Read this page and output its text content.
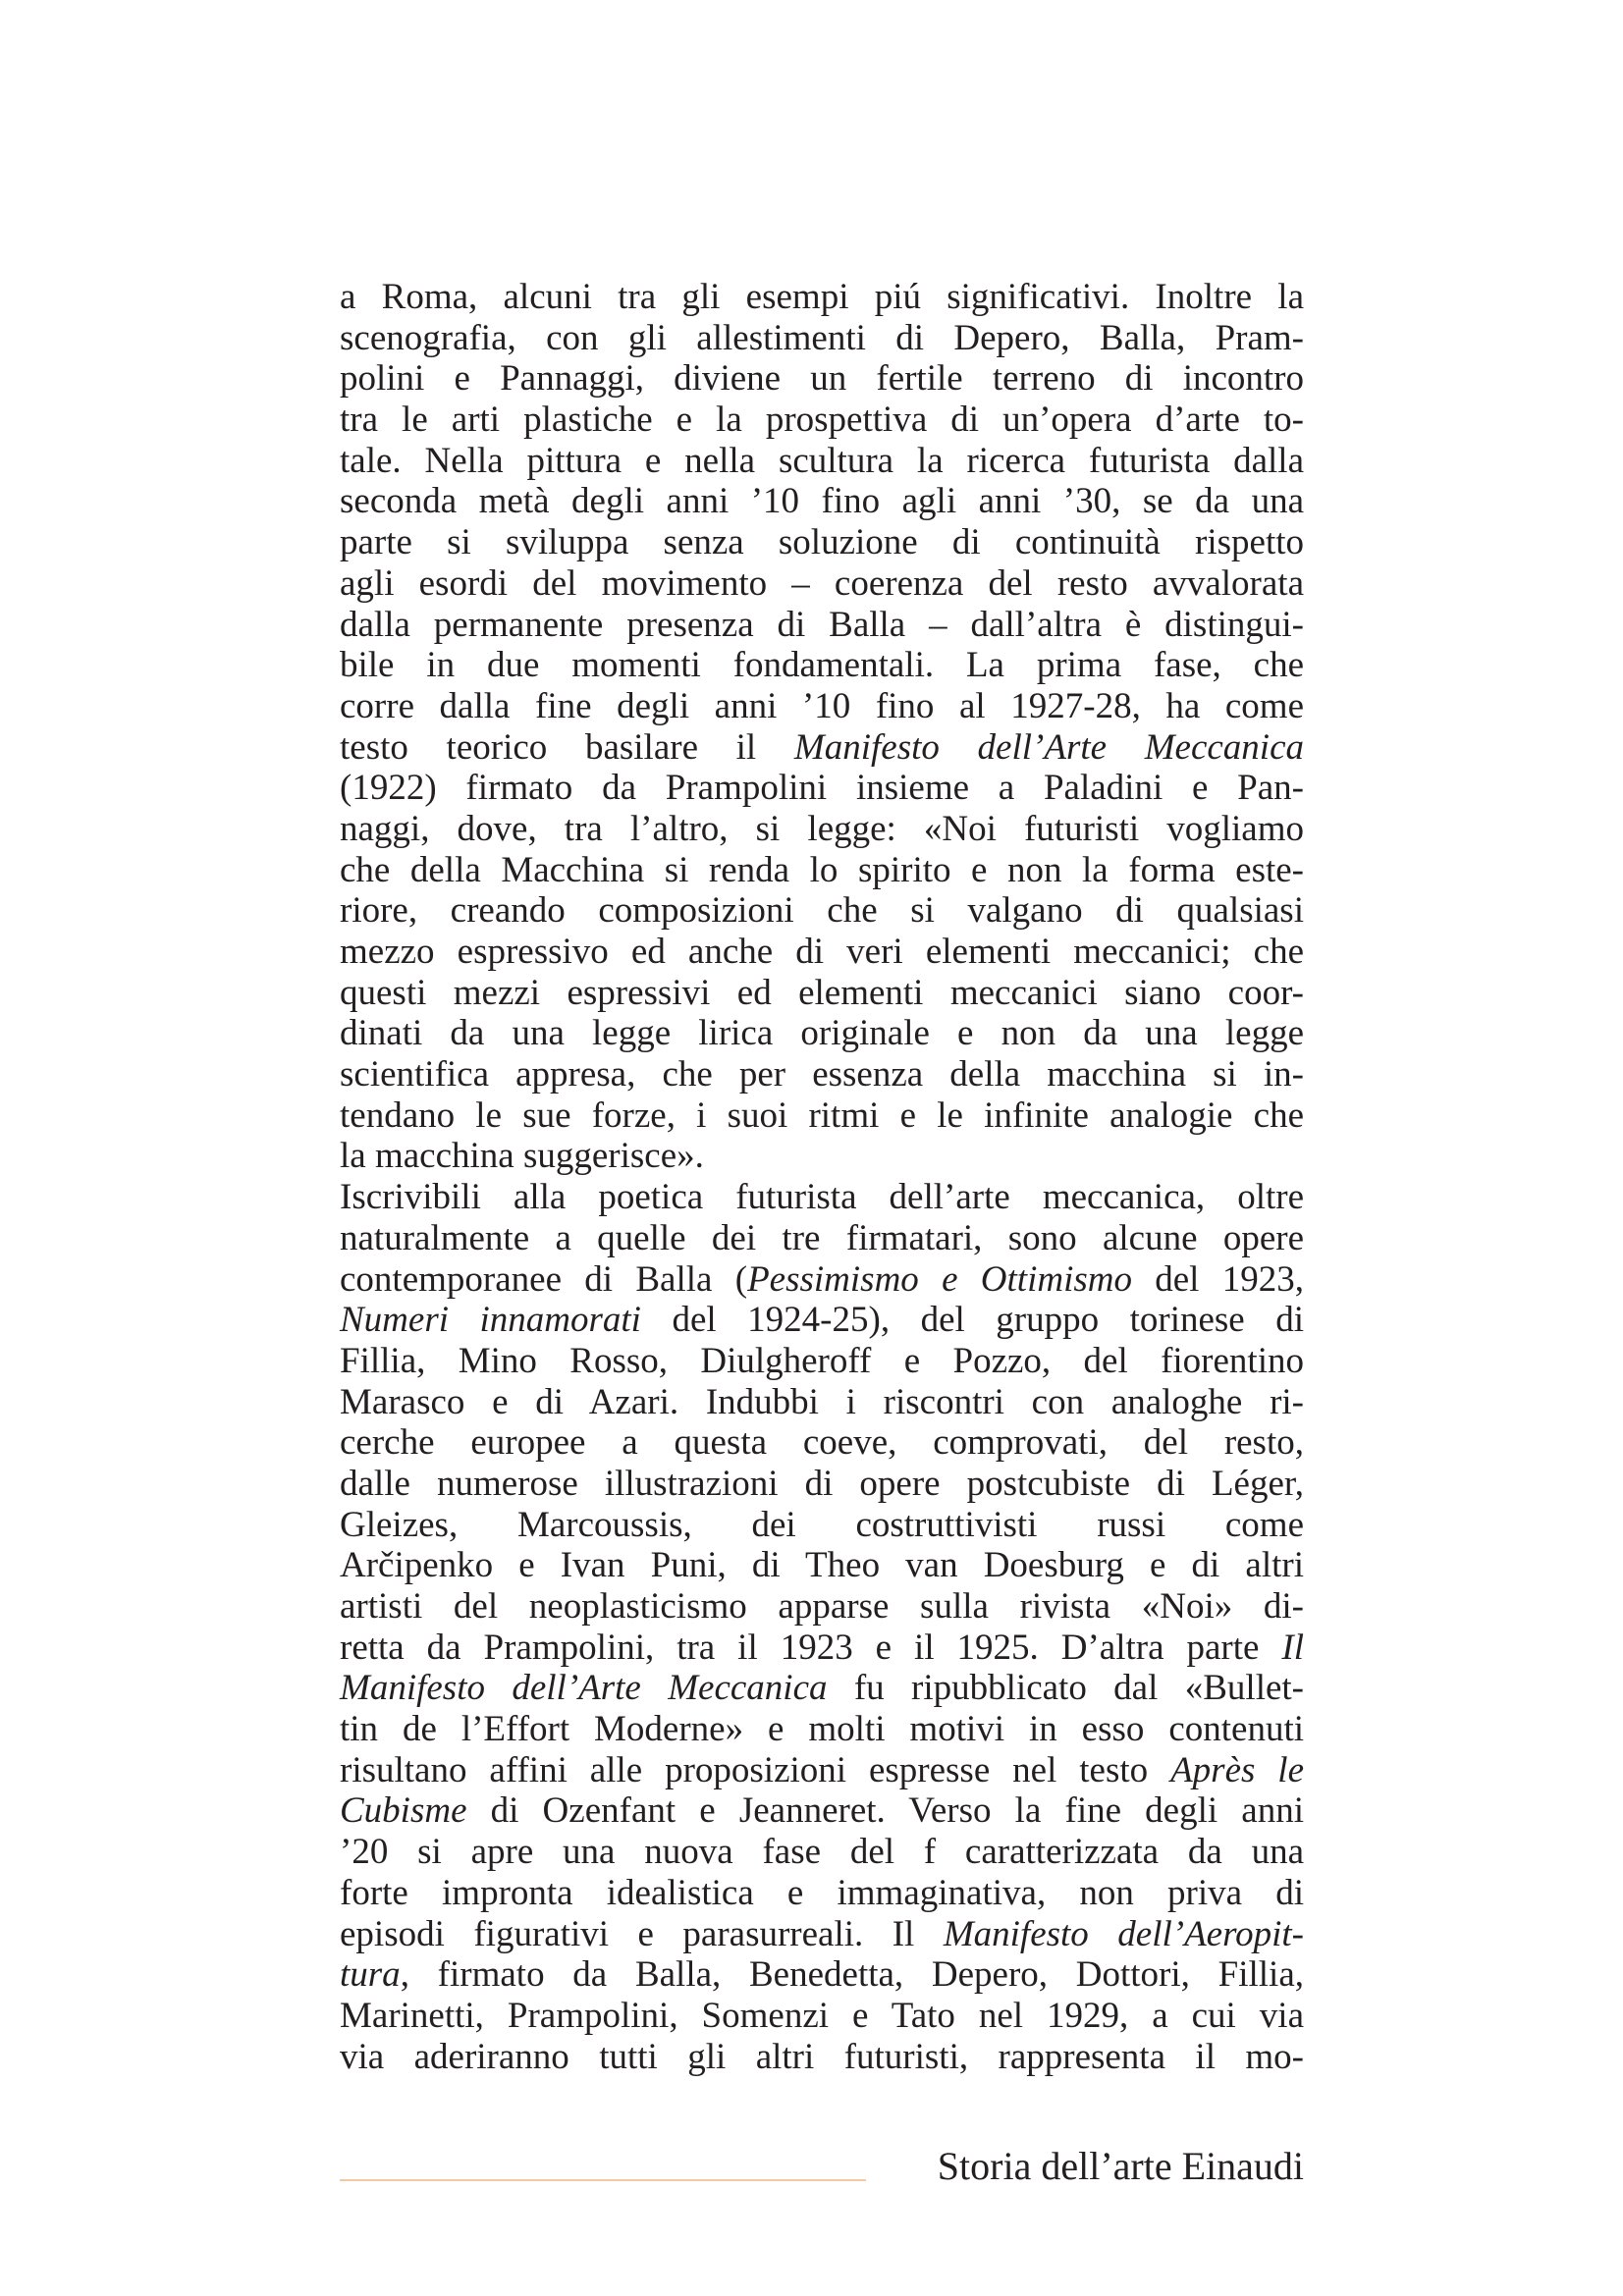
a Roma, alcuni tra gli esempi piú significativi. Inoltre la
scenografia, con gli allestimenti di Depero, Balla, Pram-
polini e Pannaggi, diviene un fertile terreno di incontro
tra le arti plastiche e la prospettiva di un’opera d’arte to-
tale. Nella pittura e nella scultura la ricerca futurista dalla
seconda metà degli anni ’10 fino agli anni ’30, se da una
parte si sviluppa senza soluzione di continuità rispetto
agli esordi del movimento – coerenza del resto avvalorata
dalla permanente presenza di Balla – dall’altra è distingui-
bile in due momenti fondamentali. La prima fase, che
corre dalla fine degli anni ’10 fino al 1927-28, ha come
testo teorico basilare il Manifesto dell’Arte Meccanica
(1922) firmato da Prampolini insieme a Paladini e Pan-
naggi, dove, tra l’altro, si legge: «Noi futuristi vogliamo
che della Macchina si renda lo spirito e non la forma este-
riore, creando composizioni che si valgano di qualsiasi
mezzo espressivo ed anche di veri elementi meccanici; che
questi mezzi espressivi ed elementi meccanici siano coor-
dinati da una legge lirica originale e non da una legge
scientifica appresa, che per essenza della macchina si in-
tendano le sue forze, i suoi ritmi e le infinite analogie che
la macchina suggerisce».
Iscrivibili alla poetica futurista dell’arte meccanica, oltre
naturalmente a quelle dei tre firmatari, sono alcune opere
contemporanee di Balla (Pessimismo e Ottimismo del 1923,
Numeri innamorati del 1924-25), del gruppo torinese di
Fillia, Mino Rosso, Diulgheroff e Pozzo, del fiorentino
Marasco e di Azari. Indubbi i riscontri con analoghe ri-
cerche europee a questa coeve, comprovati, del resto,
dalle numerose illustrazioni di opere postcubiste di Léger,
Gleizes, Marcoussis, dei costruttivisti russi come
Arčipenko e Ivan Puni, di Theo van Doesburg e di altri
artisti del neoplasticismo apparse sulla rivista «Noi» di-
retta da Prampolini, tra il 1923 e il 1925. D’altra parte Il
Manifesto dell’Arte Meccanica fu ripubblicato dal «Bullet-
tin de l’Effort Moderne» e molti motivi in esso contenuti
risultano affini alle proposizioni espresse nel testo Après le
Cubisme di Ozenfant e Jeanneret. Verso la fine degli anni
’20 si apre una nuova fase del f caratterizzata da una
forte impronta idealistica e immaginativa, non priva di
episodi figurativi e parasurreali. Il Manifesto dell’Aeropit-
tura, firmato da Balla, Benedetta, Depero, Dottori, Fillia,
Marinetti, Prampolini, Somenzi e Tato nel 1929, a cui via
via aderiranno tutti gli altri futuristi, rappresenta il mo-
Storia dell’arte Einaudi
